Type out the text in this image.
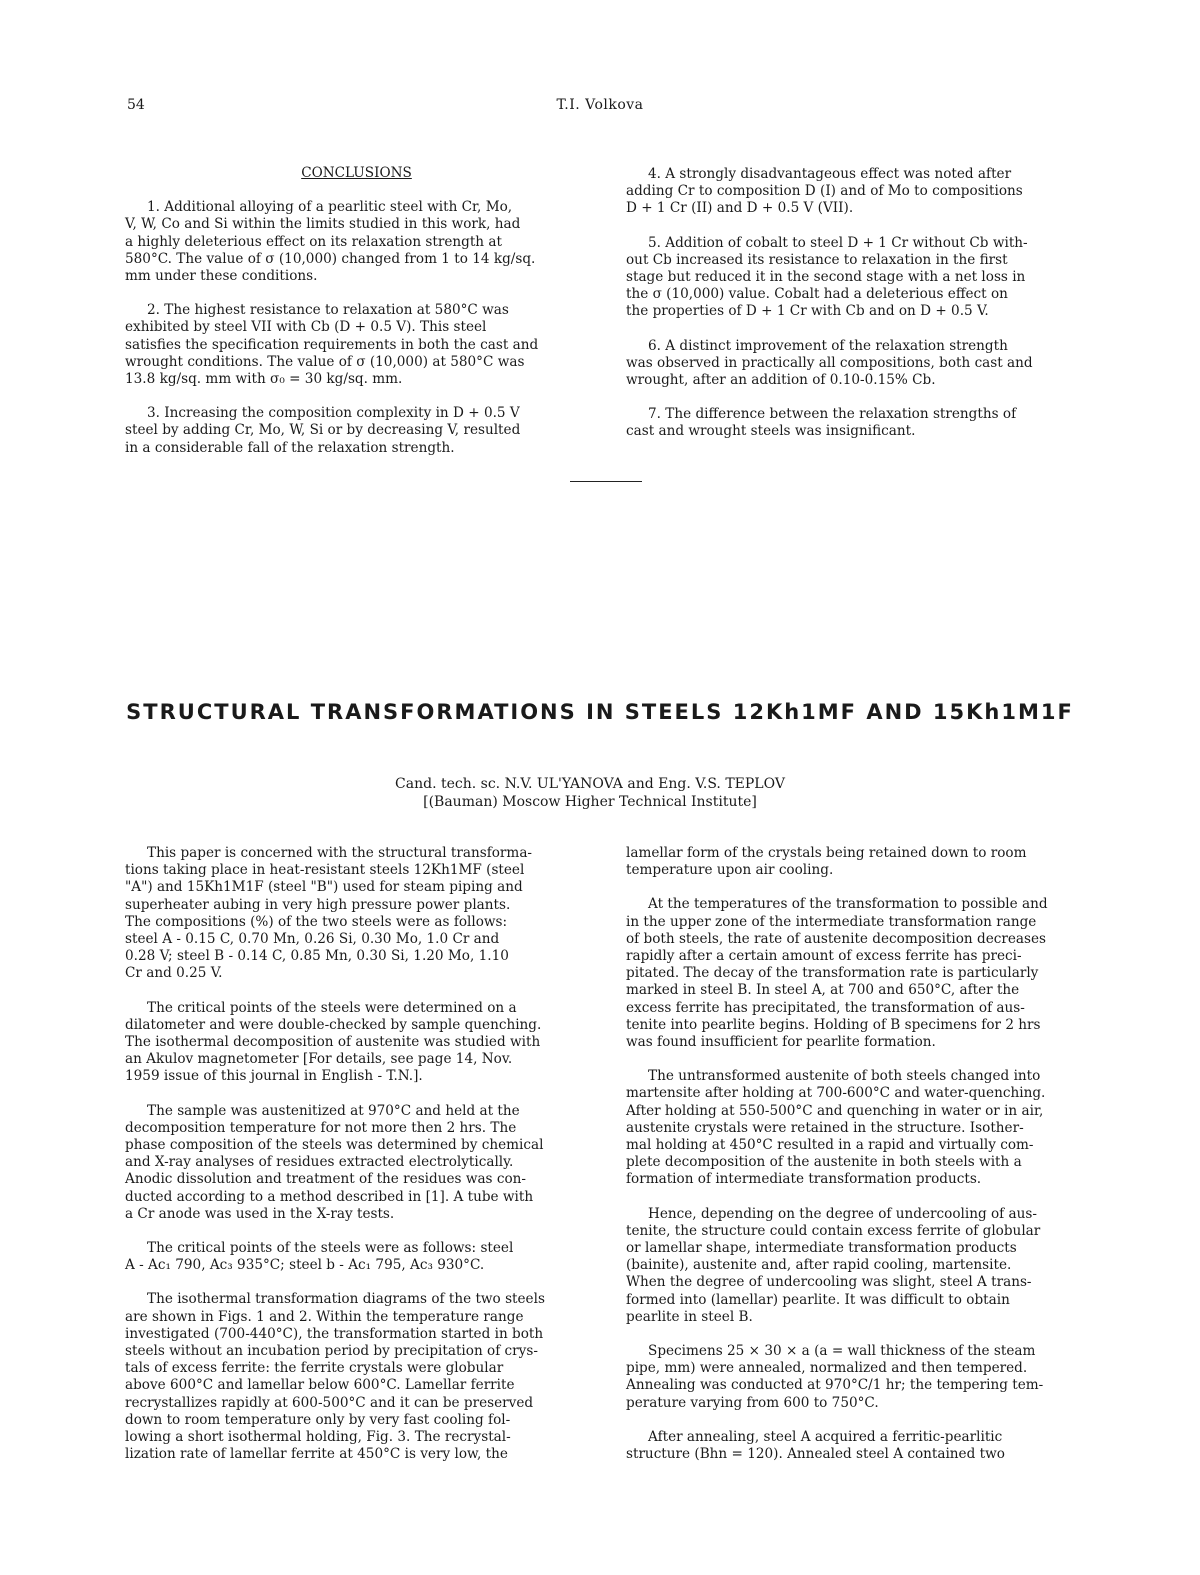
54	T.I. Volkova
CONCLUSIONS

1. Additional alloying of a pearlitic steel with Cr, Mo,
V, W, Co and Si within the limits studied in this work, had
a highly deleterious effect on its relaxation strength at
580°C. The value of σ (10,000) changed from 1 to 14 kg/sq.
mm under these conditions.

2. The highest resistance to relaxation at 580°C was
exhibited by steel VII with Cb (D + 0.5 V). This steel
satisfies the specification requirements in both the cast and
wrought conditions. The value of σ (10,000) at 580°C was
13.8 kg/sq. mm with σ₀ = 30 kg/sq. mm.

3. Increasing the composition complexity in D + 0.5 V
steel by adding Cr, Mo, W, Si or by decreasing V, resulted
in a considerable fall of the relaxation strength.

4. A strongly disadvantageous effect was noted after
adding Cr to composition D (I) and of Mo to compositions
D + 1 Cr (II) and D + 0.5 V (VII).

5. Addition of cobalt to steel D + 1 Cr without Cb with-
out Cb increased its resistance to relaxation in the first
stage but reduced it in the second stage with a net loss in
the σ (10,000) value. Cobalt had a deleterious effect on
the properties of D + 1 Cr with Cb and on D + 0.5 V.

6. A distinct improvement of the relaxation strength
was observed in practically all compositions, both cast and
wrought, after an addition of 0.10-0.15% Cb.

7. The difference between the relaxation strengths of
cast and wrought steels was insignificant.

STRUCTURAL TRANSFORMATIONS IN STEELS 12Kh1MF AND 15Kh1M1F
Cand. tech. sc. N.V. UL'YANOVA and Eng. V.S. TEPLOV
[(Bauman) Moscow Higher Technical Institute]

This paper is concerned with the structural transforma-
tions taking place in heat-resistant steels 12Kh1MF (steel
"A") and 15Kh1M1F (steel "B") used for steam piping and
superheater aubing in very high pressure power plants.
The compositions (%) of the two steels were as follows:
steel A - 0.15 C, 0.70 Mn, 0.26 Si, 0.30 Mo, 1.0 Cr and
0.28 V; steel B - 0.14 C, 0.85 Mn, 0.30 Si, 1.20 Mo, 1.10
Cr and 0.25 V.

The critical points of the steels were determined on a
dilatometer and were double-checked by sample quenching.
The isothermal decomposition of austenite was studied with
an Akulov magnetometer [For details, see page 14, Nov.
1959 issue of this journal in English - T.N.].

The sample was austenitized at 970°C and held at the
decomposition temperature for not more then 2 hrs. The
phase composition of the steels was determined by chemical
and X-ray analyses of residues extracted electrolytically.
Anodic dissolution and treatment of the residues was con-
ducted according to a method described in [1]. A tube with
a Cr anode was used in the X-ray tests.

The critical points of the steels were as follows: steel
A - Ac₁ 790, Ac₃ 935°C; steel b - Ac₁ 795, Ac₃ 930°C.

The isothermal transformation diagrams of the two steels
are shown in Figs. 1 and 2. Within the temperature range
investigated (700-440°C), the transformation started in both
steels without an incubation period by precipitation of crys-
tals of excess ferrite: the ferrite crystals were globular
above 600°C and lamellar below 600°C. Lamellar ferrite
recrystallizes rapidly at 600-500°C and it can be preserved
down to room temperature only by very fast cooling fol-
lowing a short isothermal holding, Fig. 3. The recrystal-
lization rate of lamellar ferrite at 450°C is very low, the

lamellar form of the crystals being retained down to room
temperature upon air cooling.

At the temperatures of the transformation to possible and
in the upper zone of the intermediate transformation range
of both steels, the rate of austenite decomposition decreases
rapidly after a certain amount of excess ferrite has preci-
pitated. The decay of the transformation rate is particularly
marked in steel B. In steel A, at 700 and 650°C, after the
excess ferrite has precipitated, the transformation of aus-
tenite into pearlite begins. Holding of B specimens for 2 hrs
was found insufficient for pearlite formation.

The untransformed austenite of both steels changed into
martensite after holding at 700-600°C and water-quenching.
After holding at 550-500°C and quenching in water or in air,
austenite crystals were retained in the structure. Isother-
mal holding at 450°C resulted in a rapid and virtually com-
plete decomposition of the austenite in both steels with a
formation of intermediate transformation products.

Hence, depending on the degree of undercooling of aus-
tenite, the structure could contain excess ferrite of globular
or lamellar shape, intermediate transformation products
(bainite), austenite and, after rapid cooling, martensite.
When the degree of undercooling was slight, steel A trans-
formed into (lamellar) pearlite. It was difficult to obtain
pearlite in steel B.

Specimens 25 × 30 × a (a = wall thickness of the steam
pipe, mm) were annealed, normalized and then tempered.
Annealing was conducted at 970°C/1 hr; the tempering tem-
perature varying from 600 to 750°C.

After annealing, steel A acquired a ferritic-pearlitic
structure (Bhn = 120). Annealed steel A contained two
